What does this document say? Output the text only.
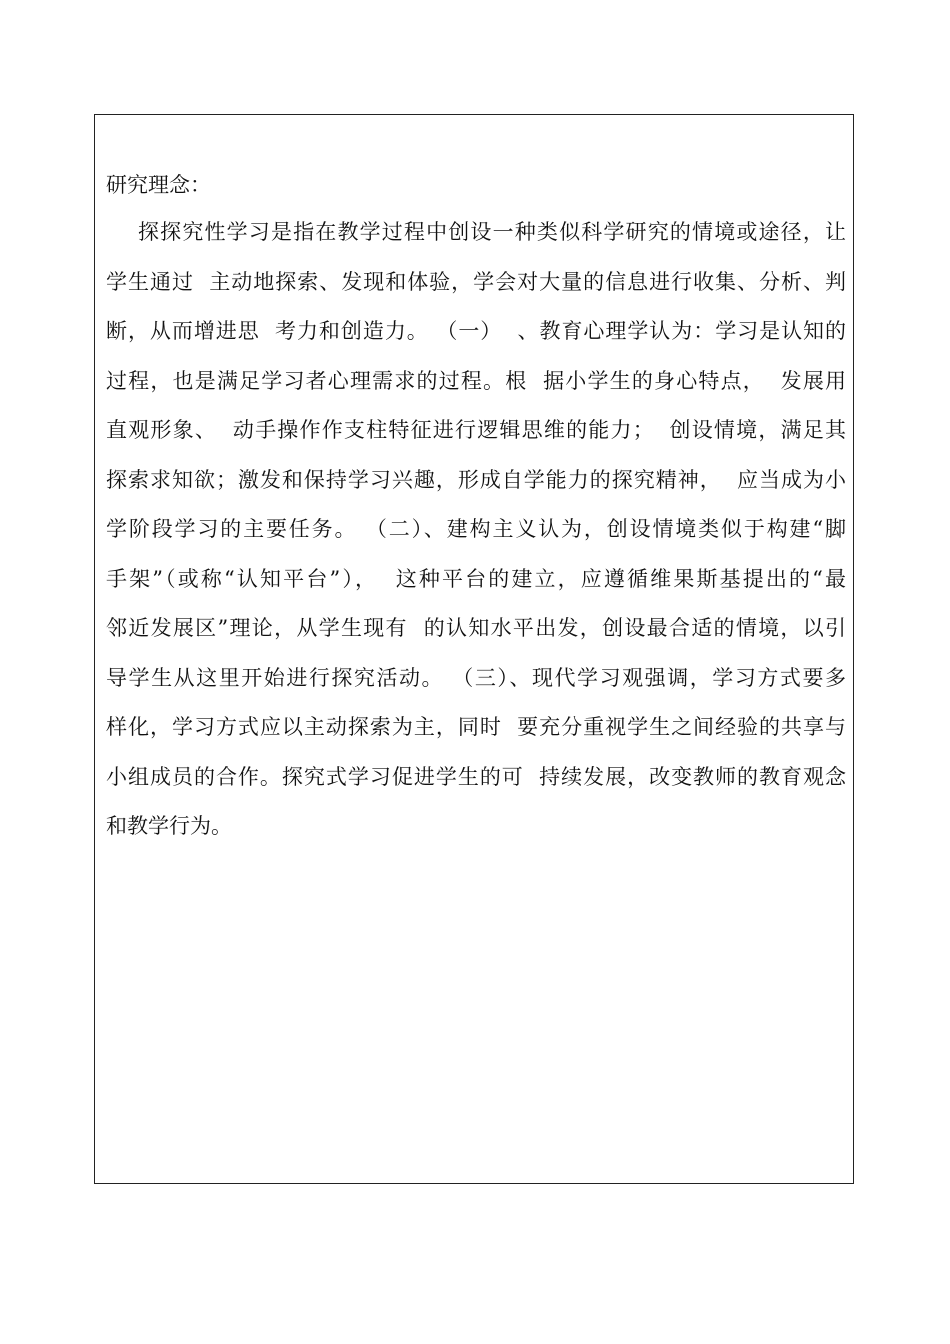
研究理念：
探探究性学习是指在教学过程中创设一种类似科学研究的情境或途径，让
学生通过  主动地探索、发现和体验，学会对大量的信息进行收集、分析、判
断，从而增进思  考力和创造力。 （一）  、教育心理学认为：学习是认知的
过程，也是满足学习者心理需求的过程。根  据小学生的身心特点，  发展用
直观形象、  动手操作作支柱特征进行逻辑思维的能力；  创设情境，满足其
探索求知欲；激发和保持学习兴趣，形成自学能力的探究精神，  应当成为小
学阶段学习的主要任务。 （二）、建构主义认为，创设情境类似于构建“脚
手架”（或称“认知平台”），  这种平台的建立，应遵循维果斯基提出的“最
邻近发展区”理论，从学生现有  的认知水平出发，创设最合适的情境，以引
导学生从这里开始进行探究活动。 （三）、现代学习观强调，学习方式要多
样化，学习方式应以主动探索为主，同时  要充分重视学生之间经验的共享与
小组成员的合作。探究式学习促进学生的可  持续发展，改变教师的教育观念
和教学行为。
